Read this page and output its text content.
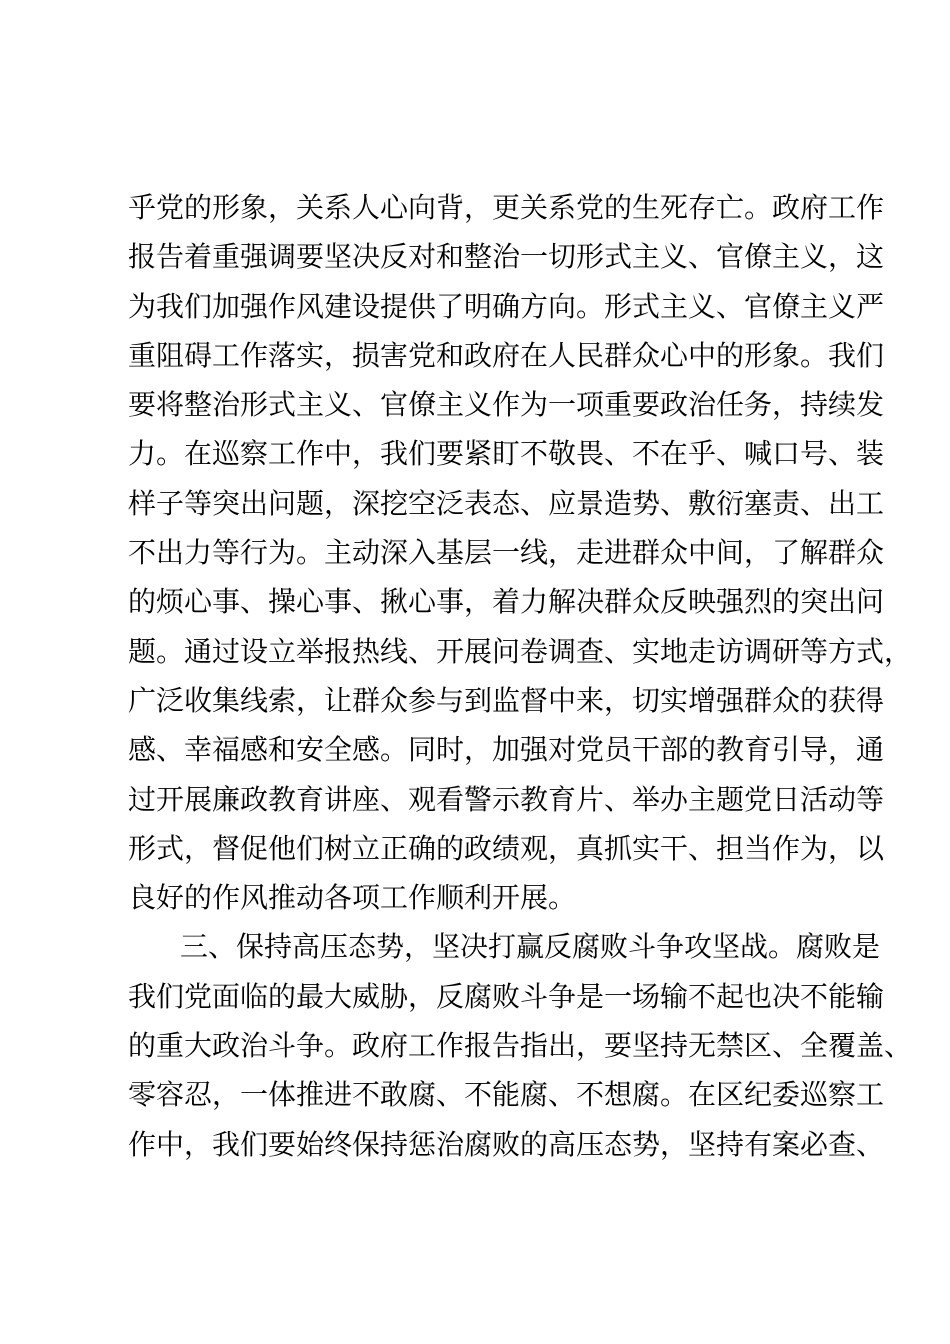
乎党的形象，关系人心向背，更关系党的生死存亡。政府工作
报告着重强调要坚决反对和整治一切形式主义、官僚主义，这
为我们加强作风建设提供了明确方向。形式主义、官僚主义严
重阻碍工作落实，损害党和政府在人民群众心中的形象。我们
要将整治形式主义、官僚主义作为一项重要政治任务，持续发
力。在巡察工作中，我们要紧盯不敬畏、不在乎、喊口号、装
样子等突出问题，深挖空泛表态、应景造势、敷衍塞责、出工
不出力等行为。主动深入基层一线，走进群众中间，了解群众
的烦心事、操心事、揪心事，着力解决群众反映强烈的突出问
题。通过设立举报热线、开展问卷调查、实地走访调研等方式，
广泛收集线索，让群众参与到监督中来，切实增强群众的获得
感、幸福感和安全感。同时，加强对党员干部的教育引导，通
过开展廉政教育讲座、观看警示教育片、举办主题党日活动等
形式，督促他们树立正确的政绩观，真抓实干、担当作为，以
良好的作风推动各项工作顺利开展。
三、保持高压态势，坚决打赢反腐败斗争攻坚战。腐败是
我们党面临的最大威胁，反腐败斗争是一场输不起也决不能输
的重大政治斗争。政府工作报告指出，要坚持无禁区、全覆盖、
零容忍，一体推进不敢腐、不能腐、不想腐。在区纪委巡察工
作中，我们要始终保持惩治腐败的高压态势，坚持有案必查、
